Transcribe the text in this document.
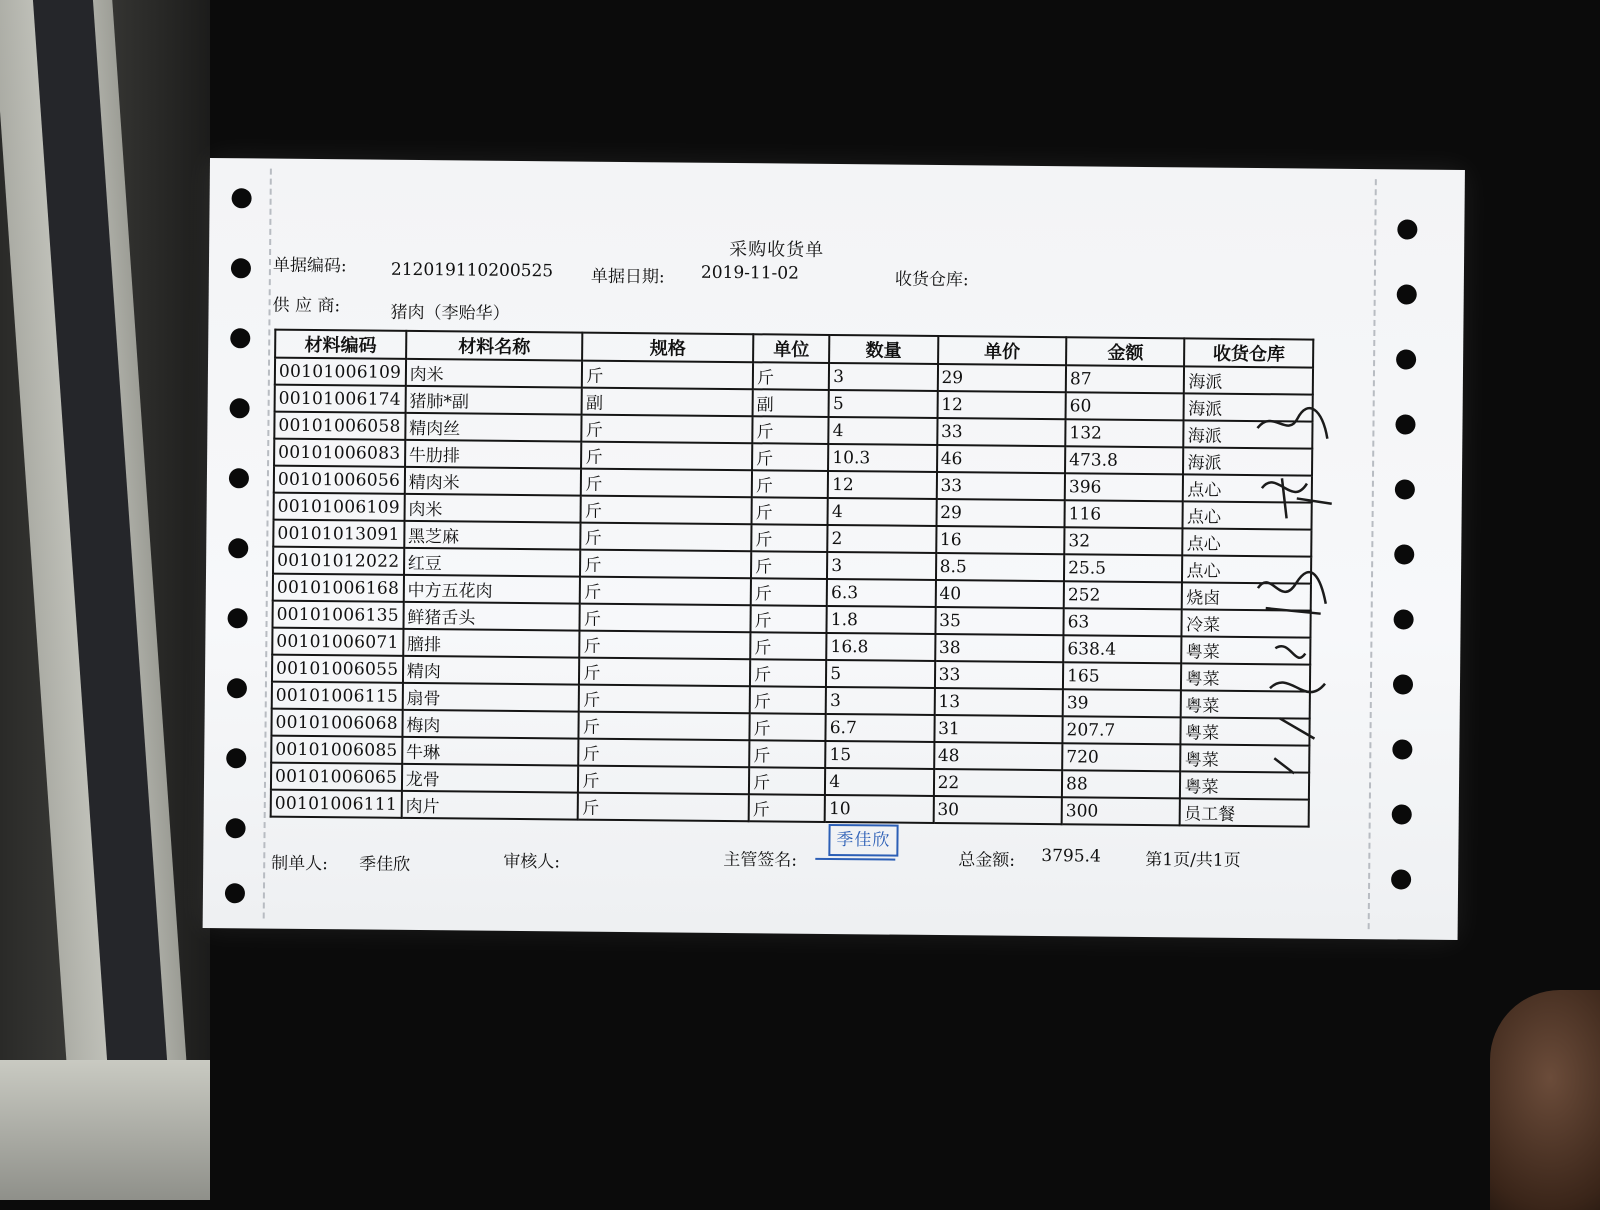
采购收货单
单据编码:	212019110200525 单据日期: 2019-11-02	收货仓库:
供 应 商:	猪肉（李贻华）
材料编码	材料名称	规格	单位	数量	单价	金额	收货仓库
00101006109	肉米	斤	斤	3	29	87	海派
00101006174	猪肺*副	副	副	5	12	60	海派
00101006058	精肉丝	斤	斤	4	33	132	海派
00101006083	牛肋排	斤	斤	10.3	46	473.8	海派
00101006056	精肉米	斤	斤	12	33	396	点心
00101006109	肉米	斤	斤	4	29	116	点心
00101013091	黑芝麻	斤	斤	2	16	32	点心
00101012022	红豆	斤	斤	3	8.5	25.5	点心
00101006168	中方五花肉	斤	斤	6.3	40	252	烧卤
00101006135	鲜猪舌头	斤	斤	1.8	35	63	冷菜
00101006071	膪排	斤	斤	16.8	38	638.4	粤菜
00101006055	精肉	斤	斤	5	33	165	粤菜
00101006115	扇骨	斤	斤	3	13	39	粤菜
00101006068	梅肉	斤	斤	6.7	31	207.7	粤菜
00101006085	牛琳	斤	斤	15	48	720	粤菜
00101006065	龙骨	斤	斤	4	22	88	粤菜
00101006111	肉片	斤	斤	10	30	300	员工餐
制单人: 季佳欣	审核人:	主管签名:
季佳欣
总金额: 3795.4	第1页/共1页
